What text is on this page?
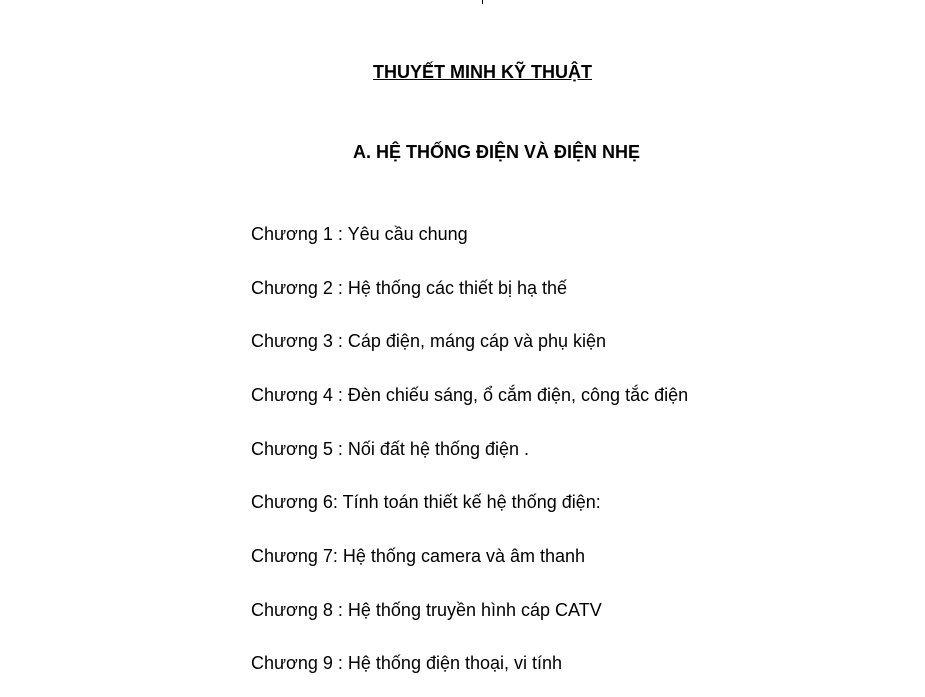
THUYẾT MINH KỸ THUẬT
A. HỆ THỐNG ĐIỆN VÀ ĐIỆN NHẸ
Chương 1 : Yêu cầu chung
Chương 2 : Hệ thống các thiết bị hạ thế
Chương 3 : Cáp điện, máng cáp và phụ kiện
Chương 4 : Đèn chiếu sáng, ổ cắm điện, công tắc điện
Chương 5 : Nối đất hệ thống điện .
Chương 6: Tính toán thiết kế hệ thống điện:
Chương 7: Hệ thống camera và âm thanh
Chương 8 : Hệ thống truyền hình cáp CATV
Chương 9 : Hệ thống điện thoại, vi tính
